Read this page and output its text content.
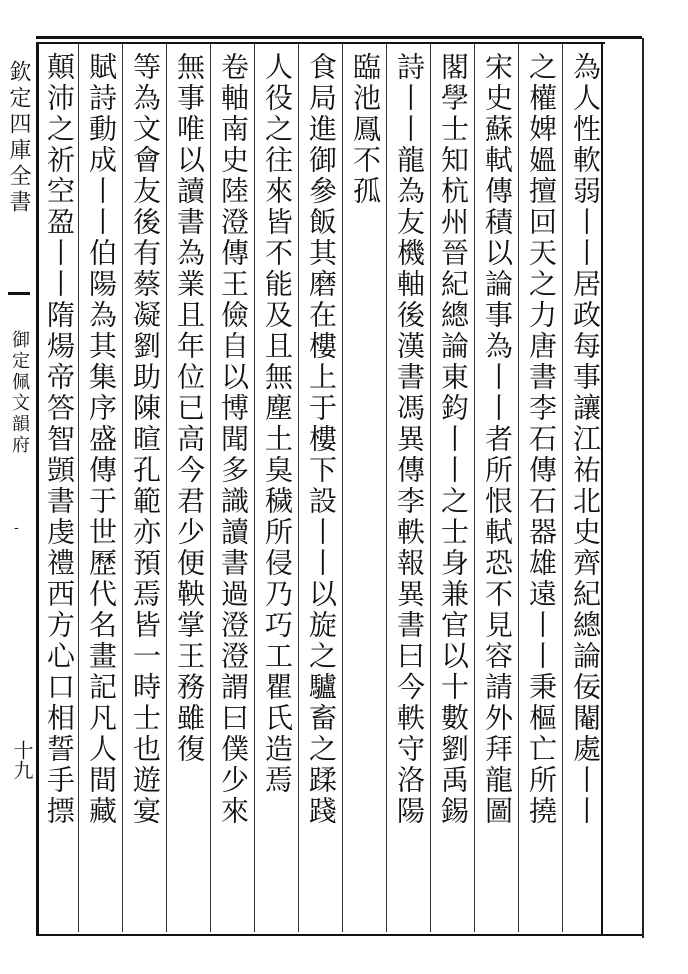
欽定四庫全書
御定佩文韻府
-
十九	為人性軟弱丨丨居政每事讓江祐北史齊紀總論佞閹處丨丨
之權婢媼擅回天之力唐書李石傳石器雄遠丨丨秉樞亡所撓
宋史蘇軾傳積以論事為丨丨者所恨軾恐不見容請外拜龍圖
閣學士知杭州晉紀總論東鈞丨丨之士身兼官以十數劉禹錫
詩丨丨龍為友機軸後漢書馮異傳李軼報異書曰今軼守洛陽
臨池鳳不孤
食局進御參飯其磨在樓上于樓下設丨丨以旋之驢畜之蹂踐
人役之往來皆不能及且無塵土臭穢所侵乃巧工瞿氏造焉
卷軸南史陸澄傳王儉自以博聞多識讀書過澄澄謂曰僕少來
無事唯以讀書為業且年位已高今君少便鞅掌王務雖復
等為文會友後有蔡凝劉助陳暄孔範亦預焉皆一時士也遊宴
賦詩動成丨丨伯陽為其集序盛傳于世歷代名畫記凡人間藏
顛沛之祈空盈丨丨隋煬帝答智顗書虔禮西方心口相誓手摽
